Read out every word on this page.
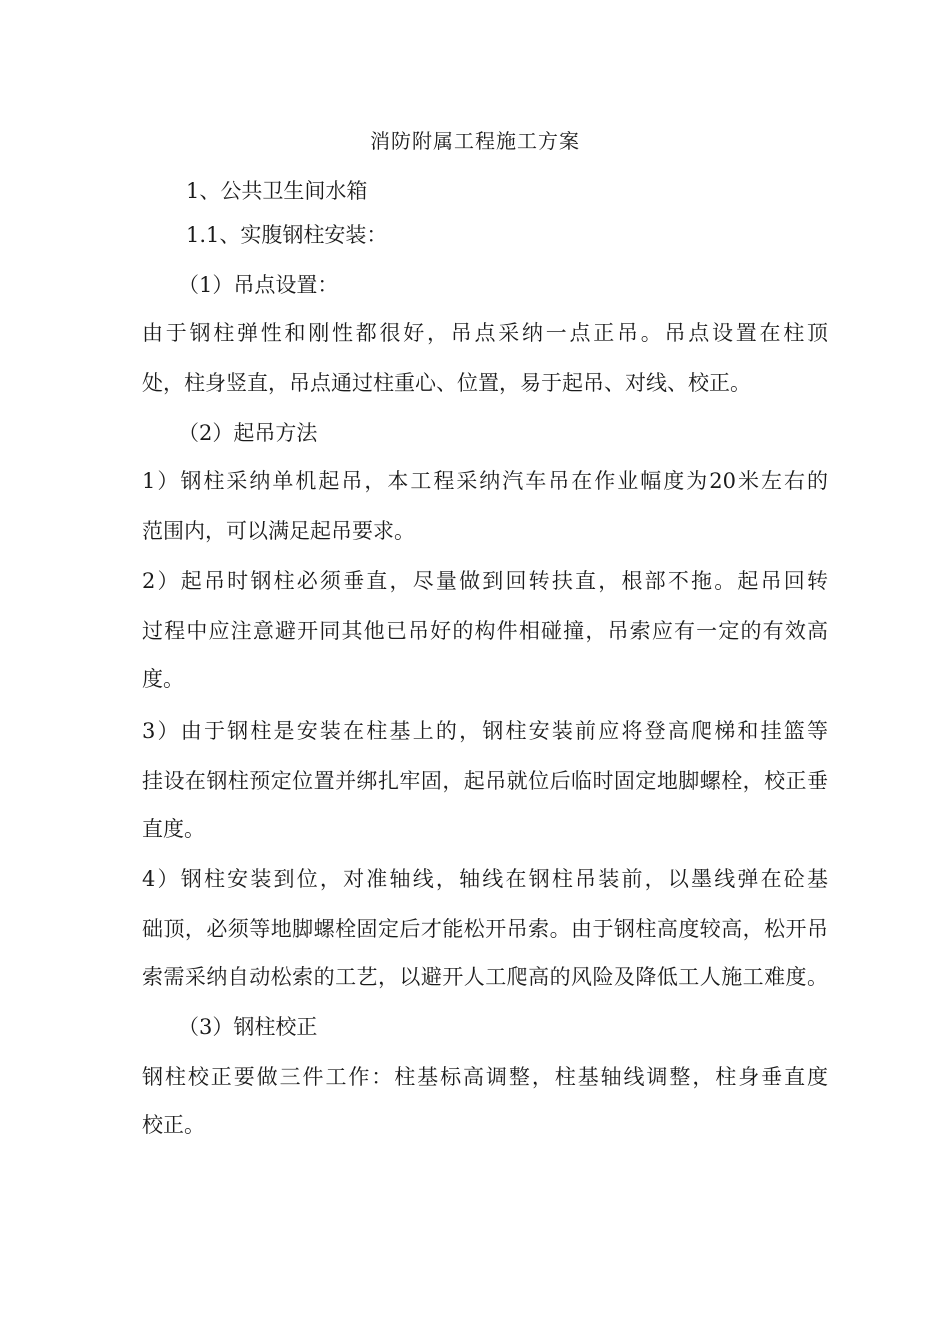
消防附属工程施工方案
1、公共卫生间水箱
1.1、实腹钢柱安装：
（1）吊点设置：
由于钢柱弹性和刚性都很好，吊点采纳一点正吊。吊点设置在柱顶
处，柱身竖直，吊点通过柱重心、位置，易于起吊、对线、校正。
（2）起吊方法
1）钢柱采纳单机起吊，本工程采纳汽车吊在作业幅度为20米左右的
范围内，可以满足起吊要求。
2）起吊时钢柱必须垂直，尽量做到回转扶直，根部不拖。起吊回转
过程中应注意避开同其他已吊好的构件相碰撞，吊索应有一定的有效高
度。
3）由于钢柱是安装在柱基上的，钢柱安装前应将登高爬梯和挂篮等
挂设在钢柱预定位置并绑扎牢固，起吊就位后临时固定地脚螺栓，校正垂
直度。
4）钢柱安装到位，对准轴线，轴线在钢柱吊装前，以墨线弹在砼基
础顶，必须等地脚螺栓固定后才能松开吊索。由于钢柱高度较高，松开吊
索需采纳自动松索的工艺，以避开人工爬高的风险及降低工人施工难度。
（3）钢柱校正
钢柱校正要做三件工作：柱基标高调整，柱基轴线调整，柱身垂直度
校正。
